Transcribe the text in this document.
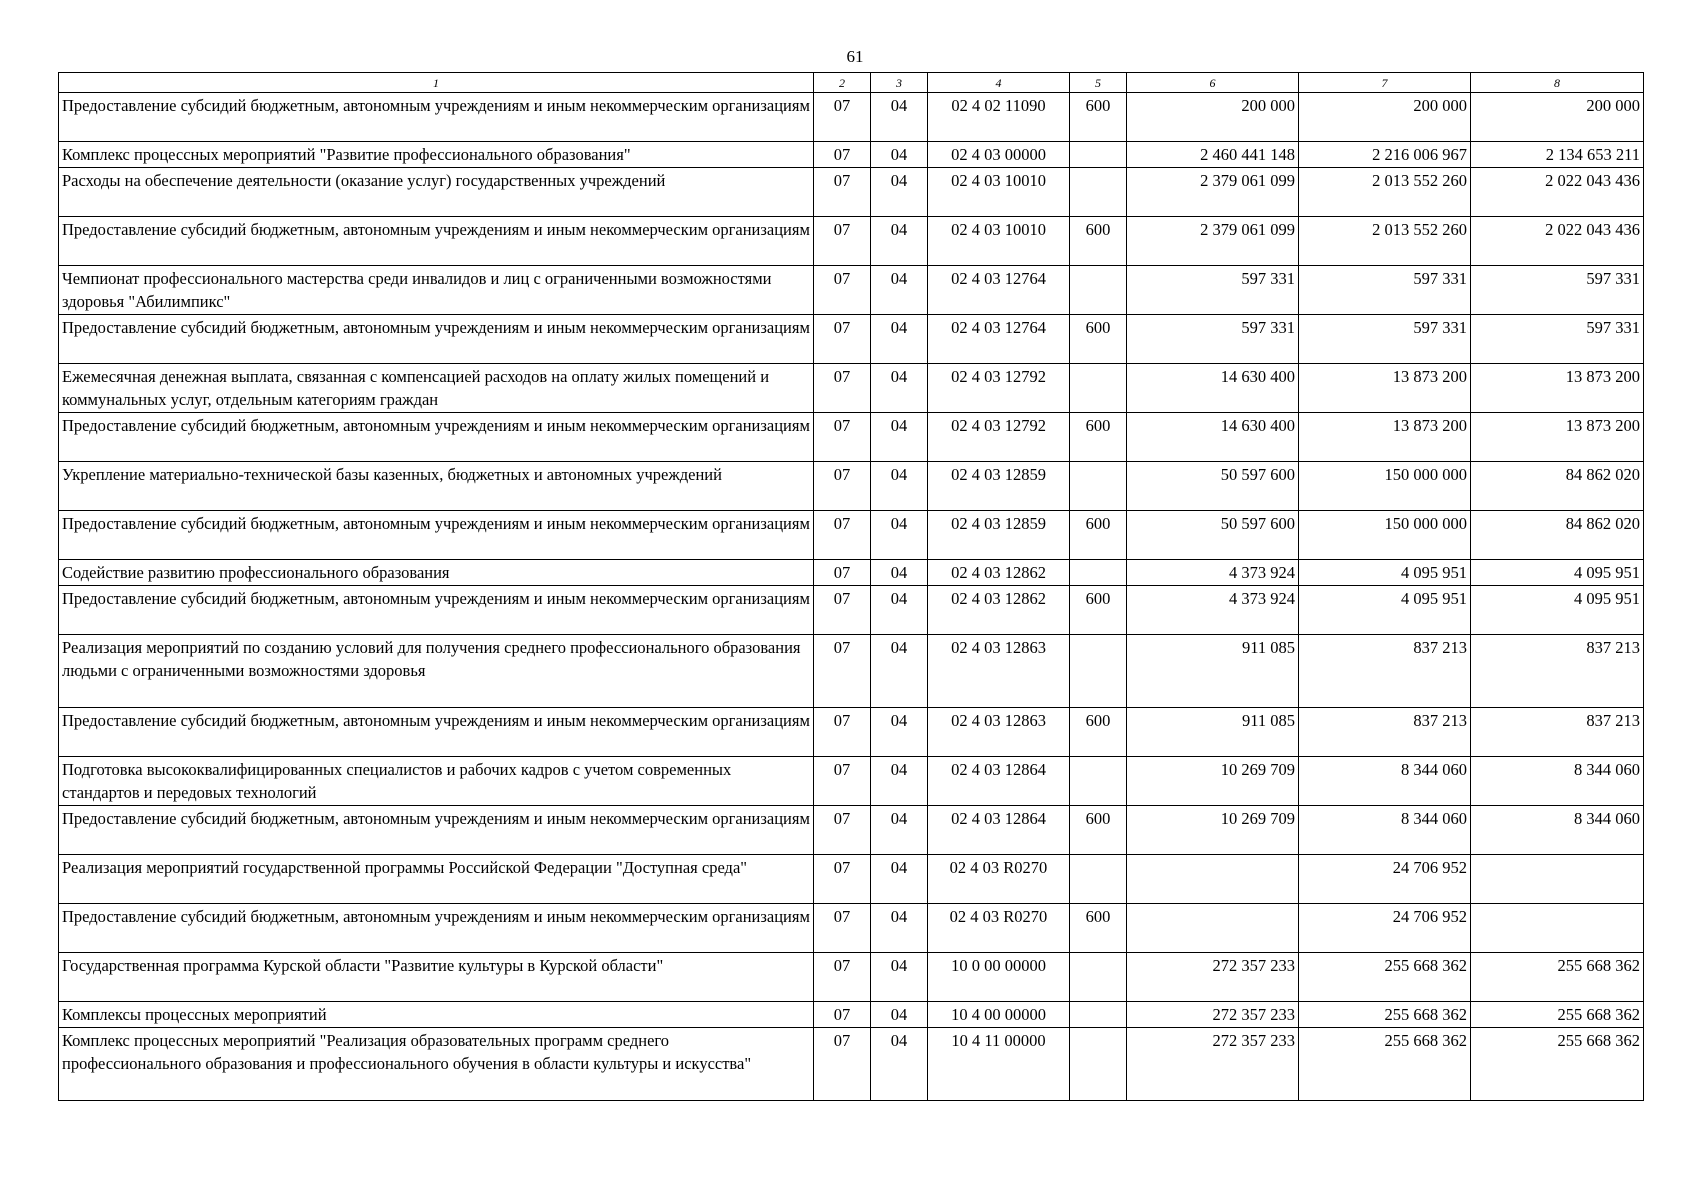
61
1	2	3	4	5	6	7	8
Предоставление субсидий бюджетным, автономным учреждениям и иным некоммерческим организациям	07	04	02 4 02 11090	600	200 000	200 000	200 000
Комплекс процессных мероприятий "Развитие профессионального образования"	07	04	02 4 03 00000		2 460 441 148	2 216 006 967	2 134 653 211
Расходы на обеспечение деятельности (оказание услуг) государственных учреждений	07	04	02 4 03 10010		2 379 061 099	2 013 552 260	2 022 043 436
Предоставление субсидий бюджетным, автономным учреждениям и иным некоммерческим организациям	07	04	02 4 03 10010	600	2 379 061 099	2 013 552 260	2 022 043 436
Чемпионат профессионального мастерства среди инвалидов и лиц с ограниченными возможностями здоровья "Абилимпикс"	07	04	02 4 03 12764		597 331	597 331	597 331
Предоставление субсидий бюджетным, автономным учреждениям и иным некоммерческим организациям	07	04	02 4 03 12764	600	597 331	597 331	597 331
Ежемесячная денежная выплата, связанная с компенсацией расходов на оплату жилых помещений и коммунальных услуг, отдельным категориям граждан	07	04	02 4 03 12792		14 630 400	13 873 200	13 873 200
Предоставление субсидий бюджетным, автономным учреждениям и иным некоммерческим организациям	07	04	02 4 03 12792	600	14 630 400	13 873 200	13 873 200
Укрепление материально-технической базы казенных, бюджетных и автономных учреждений	07	04	02 4 03 12859		50 597 600	150 000 000	84 862 020
Предоставление субсидий бюджетным, автономным учреждениям и иным некоммерческим организациям	07	04	02 4 03 12859	600	50 597 600	150 000 000	84 862 020
Содействие развитию профессионального образования	07	04	02 4 03 12862		4 373 924	4 095 951	4 095 951
Предоставление субсидий бюджетным, автономным учреждениям и иным некоммерческим организациям	07	04	02 4 03 12862	600	4 373 924	4 095 951	4 095 951
Реализация мероприятий по созданию условий для получения среднего профессионального образования людьми с ограниченными возможностями здоровья	07	04	02 4 03 12863		911 085	837 213	837 213
Предоставление субсидий бюджетным, автономным учреждениям и иным некоммерческим организациям	07	04	02 4 03 12863	600	911 085	837 213	837 213
Подготовка высококвалифицированных специалистов и рабочих кадров с учетом современных стандартов и передовых технологий	07	04	02 4 03 12864		10 269 709	8 344 060	8 344 060
Предоставление субсидий бюджетным, автономным учреждениям и иным некоммерческим организациям	07	04	02 4 03 12864	600	10 269 709	8 344 060	8 344 060
Реализация мероприятий государственной программы Российской Федерации "Доступная среда"	07	04	02 4 03 R0270			24 706 952	
Предоставление субсидий бюджетным, автономным учреждениям и иным некоммерческим организациям	07	04	02 4 03 R0270	600		24 706 952	
Государственная программа Курской области "Развитие культуры в Курской области"	07	04	10 0 00 00000		272 357 233	255 668 362	255 668 362
Комплексы процессных мероприятий	07	04	10 4 00 00000		272 357 233	255 668 362	255 668 362
Комплекс процессных мероприятий "Реализация образовательных программ среднего профессионального образования и профессионального обучения в области культуры и искусства"	07	04	10 4 11 00000		272 357 233	255 668 362	255 668 362
